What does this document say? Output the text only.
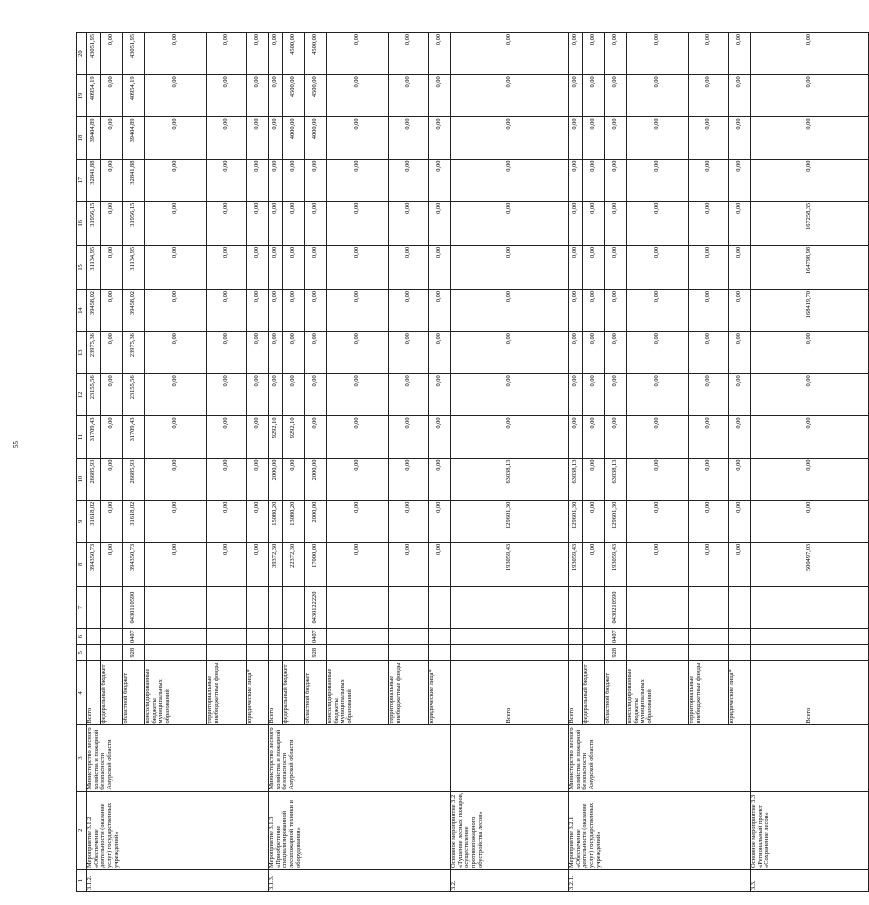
55
1	2	3	4	5	6	7	8	9	10	11	12	13	14	15	16	17	18	19	20
3.1.2.	Мероприятие 3.1.2 «Обеспечение деятельности (оказание услуг) государственных учреждений»	Министерство лесного хозяйства и пожарной безопасности Амурской области	Всего				394350,73	31618,02	26685,93	31709,43	23155,56	23975,36	39458,02	31134,95	31956,15	32841,88	39404,89	40954,19	43051,95
			федеральный бюджет				0,00	0,00	0,00	0,00	0,00	0,00	0,00	0,00	0,00	0,00	0,00	0,00	0,00
			областной бюджет	928	0407	0430110590	394350,73	31618,02	26685,93	31709,43	23155,56	23975,36	39458,02	31134,95	31956,15	32841,88	39404,89	40954,19	43051,95
			консолидированные бюджеты муниципальных образований				0,00	0,00	0,00	0,00	0,00	0,00	0,00	0,00	0,00	0,00	0,00	0,00	0,00
			территориальные внебюджетные фонды				0,00	0,00	0,00	0,00	0,00	0,00	0,00	0,00	0,00	0,00	0,00	0,00	0,00
			юридические лица*				0,00	0,00	0,00	0,00	0,00	0,00	0,00	0,00	0,00	0,00	0,00	0,00	0,00
3.1.3.	Мероприятие 3.1.3 «Приобретение специализированной лесопожарной техники и оборудования»	Министерство лесного хозяйства и пожарной безопасности Амурской области	Всего				39372,30	15080,20	2000,00	9292,10	0,00	0,00	0,00	0,00	0,00	0,00	0,00	0,00	0,00
			федеральный бюджет				22372,30	13080,20	0,00	9292,10	0,00	0,00	0,00	0,00	0,00	0,00	4000,00	4500,00	4500,00
			областной бюджет	928	0407	0430122220	17000,00	2000,00	2000,00	0,00	0,00	0,00	0,00	0,00	0,00	0,00	4000,00	4500,00	4500,00
			консолидированные бюджеты муниципальных образований				0,00	0,00	0,00	0,00	0,00	0,00	0,00	0,00	0,00	0,00	0,00	0,00	0,00
			территориальные внебюджетные фонды				0,00	0,00	0,00	0,00	0,00	0,00	0,00	0,00	0,00	0,00	0,00	0,00	0,00
			юридические лица*				0,00	0,00	0,00	0,00	0,00	0,00	0,00	0,00	0,00	0,00	0,00	0,00	0,00
3.2.	Основное мероприятие 3.2 «Тушение лесных пожаров, осуществление противопожарного обустройства лесов»		Всего				193059,43	129601,30	63038,13	0,00	0,00	0,00	0,00	0,00	0,00	0,00	0,00	0,00	0,00
3.2.1.	Мероприятие 3.2.1 «Обеспечение деятельности (оказание услуг) государственных учреждений»	Министерство лесного хозяйства и пожарной безопасности Амурской области	Всего				193059,43	129601,30	63038,13	0,00	0,00	0,00	0,00	0,00	0,00	0,00	0,00	0,00	0,00
			федеральный бюджет				0,00	0,00	0,00	0,00	0,00	0,00	0,00	0,00	0,00	0,00	0,00	0,00	0,00
			областной бюджет	928	0407	0430210590	193059,43	129601,30	63038,13	0,00	0,00	0,00	0,00	0,00	0,00	0,00	0,00	0,00	0,00
			консолидированные бюджеты муниципальных образований				0,00	0,00	0,00	0,00	0,00	0,00	0,00	0,00	0,00	0,00	0,00	0,00	0,00
			территориальные внебюджетные фонды				0,00	0,00	0,00	0,00	0,00	0,00	0,00	0,00	0,00	0,00	0,00	0,00	0,00
			юридические лица*				0,00	0,00	0,00	0,00	0,00	0,00	0,00	0,00	0,00	0,00	0,00	0,00	0,00
3.3.	Основное мероприятие 3.3 «Региональный проект «Сохранение лесов»		Всего				500497,03	0,00	0,00	0,00	0,00	0,00	168419,70	164798,98	167258,35	0,00	0,00	0,00	0,00
